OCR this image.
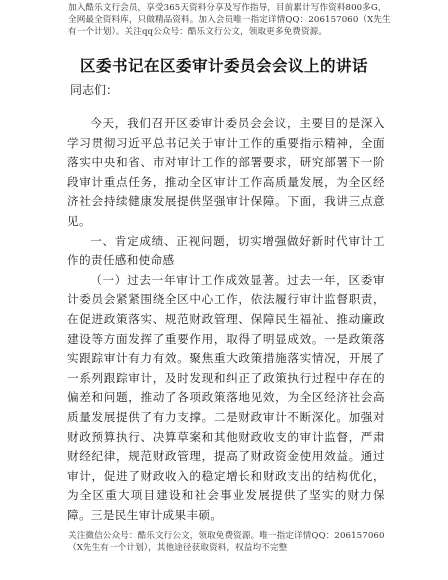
加入酷乐文行会员，享受365天资料分享及写作指导，目前累计写作资料800多G，

全网最全资料库，只做精品资料。加入会员唯一指定详情QQ：206157060（X先生

有一个计划）。关注qq公众号：酷乐文行公文，领取更多免费资源。

区委书记在区委审计委员会会议上的讲话

同志们：

今天，我们召开区委审计委员会会议，主要目的是深入学习贯彻习近平总书记关于审计工作的重要指示精神，全面落实中央和省、市对审计工作的部署要求，研究部署下一阶段审计重点任务，推动全区审计工作高质量发展，为全区经济社会持续健康发展提供坚强审计保障。下面，我讲三点意见。

一、肯定成绩、正视问题，切实增强做好新时代审计工作的责任感和使命感

（一）过去一年审计工作成效显著。过去一年，区委审计委员会紧紧围绕全区中心工作，依法履行审计监督职责，在促进政策落实、规范财政管理、保障民生福祉、推动廉政建设等方面发挥了重要作用，取得了明显成效。一是政策落实跟踪审计有力有效。聚焦重大政策措施落实情况，开展了一系列跟踪审计，及时发现和纠正了政策执行过程中存在的偏差和问题，推动了各项政策落地见效，为全区经济社会高质量发展提供了有力支撑。二是财政审计不断深化。加强对财政预算执行、决算草案和其他财政收支的审计监督，严肃财经纪律，规范财政管理，提高了财政资金使用效益。通过审计，促进了财政收入的稳定增长和财政支出的结构优化，为全区重大项目建设和社会事业发展提供了坚实的财力保障。三是民生审计成果丰硕。

关注微信公众号：酷乐文行公文，领取免费资源。唯一指定详情QQ：206157060

（X先生有一个计划），其他途径获取资料，权益均不完整
